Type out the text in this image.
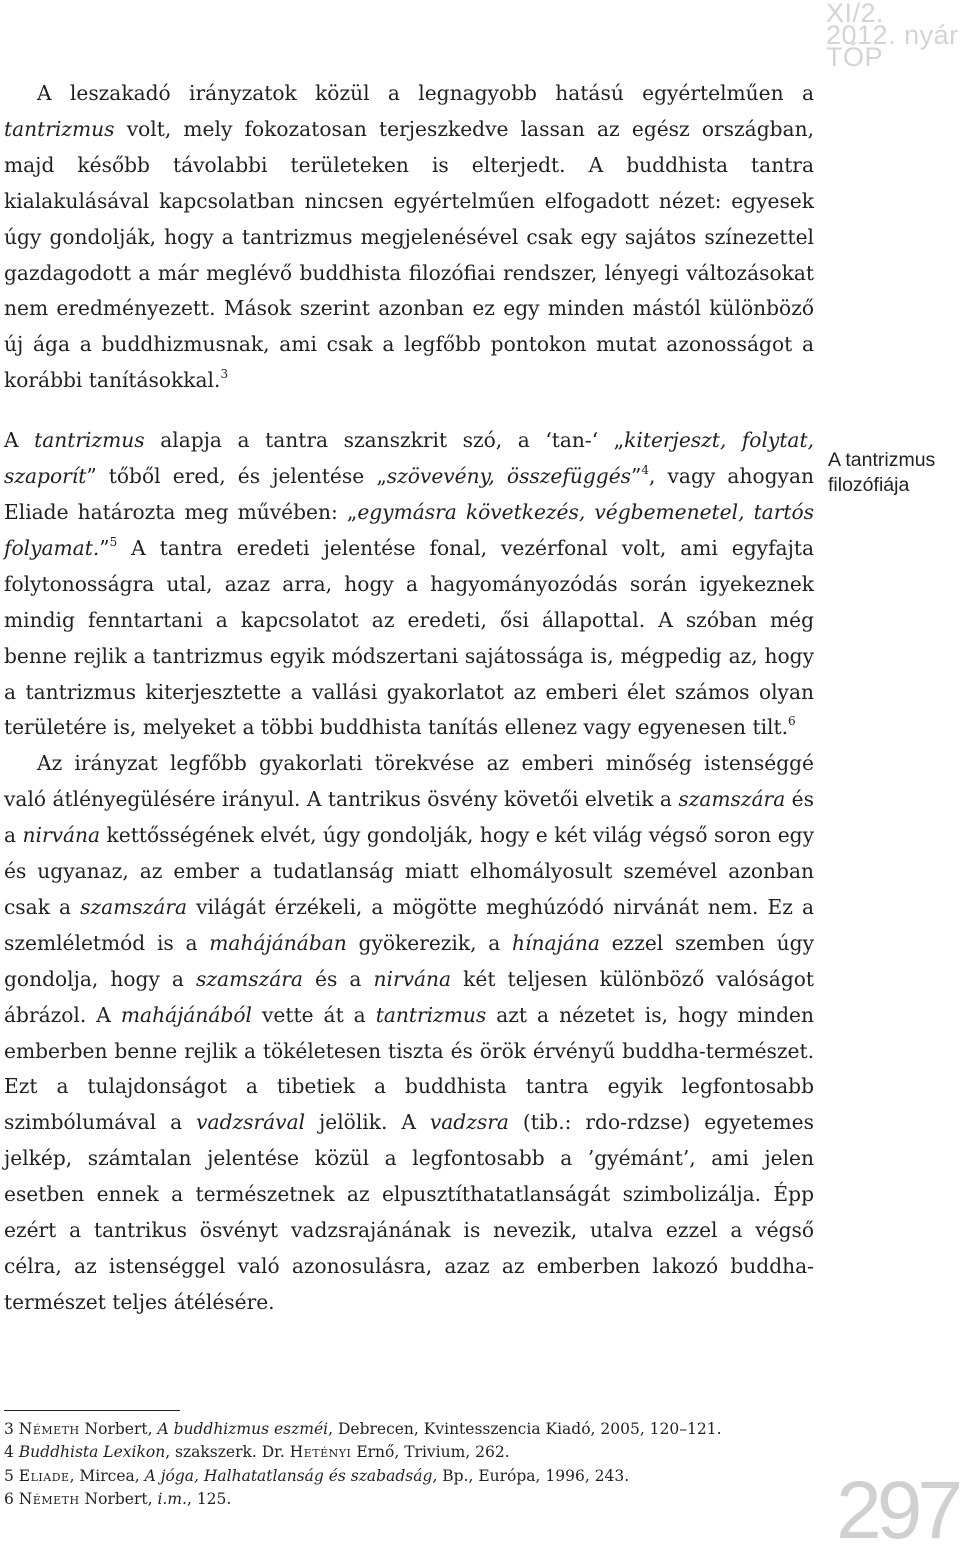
XI/2.
2012. nyár
TÓP

A leszakadó irányzatok közül a legnagyobb hatású egyértelműen a tantrizmus volt, mely fokozatosan terjeszkedve lassan az egész országban, majd később távolabbi területeken is elterjedt. A buddhista tantra kialakulásával kapcsolatban nincsen egyértelműen elfogadott nézet: egyesek úgy gondolják, hogy a tantrizmus megjelenésével csak egy sajátos színezettel gazdagodott a már meglévő buddhista filozófiai rendszer, lényegi változásokat nem eredményezett. Mások szerint azonban ez egy minden mástól különböző új ága a buddhizmusnak, ami csak a legfőbb pontokon mutat azonosságot a korábbi tanításokkal.$^3$

A tantrizmus alapja a tantra szanszkrit szó, a ‘tan-‘ „kiterjeszt, folytat, szaporít” tőből ered, és jelentése „szövevény, összefüggés”$^4$, vagy ahogyan Eliade határozta meg művében: „egymásra következés, végbemenetel, tartós folyamat.”$^5$ A tantra eredeti jelentése fonal, vezérfonal volt, ami egyfajta folytonosságra utal, azaz arra, hogy a hagyományozódás során igyekeznek mindig fenntartani a kapcsolatot az eredeti, ősi állapottal. A szóban még benne rejlik a tantrizmus egyik módszertani sajátossága is, mégpedig az, hogy a tantrizmus kiterjesztette a vallási gyakorlatot az emberi élet számos olyan területére is, melyeket a többi buddhista tanítás ellenez vagy egyenesen tilt.$^6$

Az irányzat legfőbb gyakorlati törekvése az emberi minőség istenséggé való átlényegülésére irányul. A tantrikus ösvény követői elvetik a szamszára és a nirvána kettősségének elvét, úgy gondolják, hogy e két világ végső soron egy és ugyanaz, az ember a tudatlanság miatt elhomályosult szemével azonban csak a szamszára világát érzékeli, a mögötte meghúzódó nirvánát nem. Ez a szemléletmód is a mahájánában gyökerezik, a hínajána ezzel szemben úgy gondolja, hogy a szamszára és a nirvána két teljesen különböző valóságot ábrázol. A mahájánából vette át a tantrizmus azt a nézetet is, hogy minden emberben benne rejlik a tökéletesen tiszta és örök érvényű buddha-természet. Ezt a tulajdonságot a tibetiek a buddhista tantra egyik legfontosabb szimbólumával a vadzsrával jelölik. A vadzsra (tib.: rdo-rdzse) egyetemes jelkép, számtalan jelentése közül a legfontosabb a ’gyémánt’, ami jelen esetben ennek a természetnek az elpusztíthatatlanságát szimbolizálja. Épp ezért a tantrikus ösvényt vadzsrajánának is nevezik, utalva ezzel a végső célra, az istenséggel való azonosulásra, azaz az emberben lakozó buddha-természet teljes átélésére.

A tantrizmus filozófiája
3 Németh Norbert, A buddhizmus eszméi, Debrecen, Kvintesszencia Kiadó, 2005, 120–121.
4 Buddhista Lexikon, szakszerk. Dr. Hetényi Ernő, Trivium, 262.
5 Eliade, Mircea, A jóga, Halhatatlanság és szabadság, Bp., Európa, 1996, 243.
6 Németh Norbert, i.m., 125.	297
